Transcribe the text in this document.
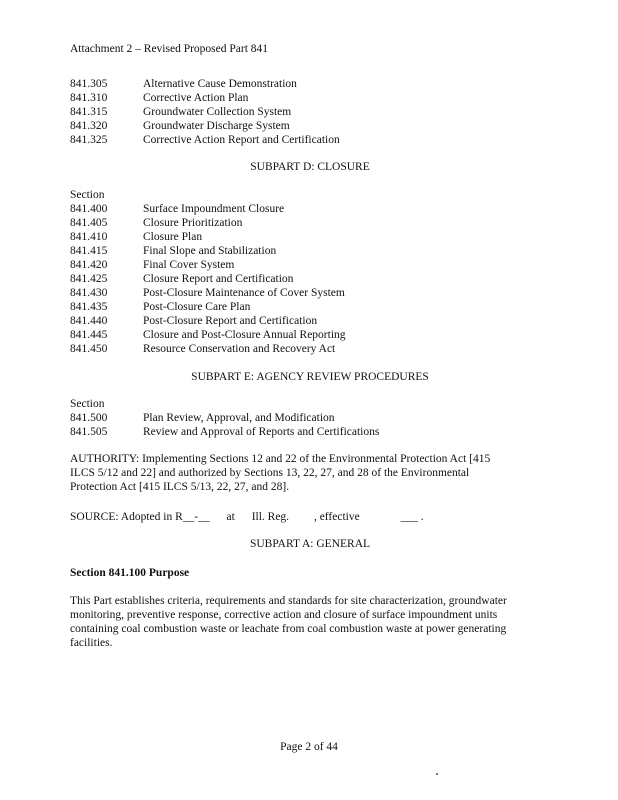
Attachment 2 – Revised Proposed Part 841
841.305	Alternative Cause Demonstration
841.310	Corrective Action Plan
841.315	Groundwater Collection System
841.320	Groundwater Discharge System
841.325	Corrective Action Report and Certification
SUBPART D: CLOSURE
Section
841.400	Surface Impoundment Closure
841.405	Closure Prioritization
841.410	Closure Plan
841.415	Final Slope and Stabilization
841.420	Final Cover System
841.425	Closure Report and Certification
841.430	Post-Closure Maintenance of Cover System
841.435	Post-Closure Care Plan
841.440	Post-Closure Report and Certification
841.445	Closure and Post-Closure Annual Reporting
841.450	Resource Conservation and Recovery Act
SUBPART E: AGENCY REVIEW PROCEDURES
Section
841.500	Plan Review, Approval, and Modification
841.505	Review and Approval of Reports and Certifications
AUTHORITY: Implementing Sections 12 and 22 of the Environmental Protection Act [415
ILCS 5/12 and 22] and authorized by Sections 13, 22, 27, and 28 of the Environmental
Protection Act [415 ILCS 5/13, 22, 27, and 28].
SOURCE: Adopted in R__-__ at Ill. Reg. , effective	___ .
SUBPART A: GENERAL
Section 841.100 Purpose
This Part establishes criteria, requirements and standards for site characterization, groundwater
monitoring, preventive response, corrective action and closure of surface impoundment units
containing coal combustion waste or leachate from coal combustion waste at power generating
facilities.
Page 2 of 44
